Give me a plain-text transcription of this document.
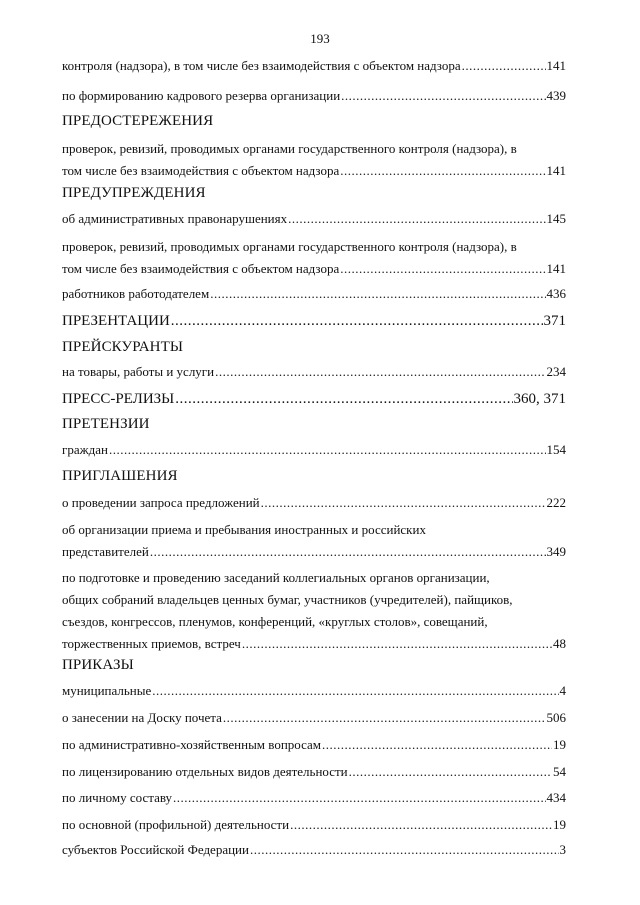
193
контроля (надзора), в том числе без взаимодействия с объектом надзора .....	141
по формированию кадрового резерва организации .....	439
ПРЕДОСТЕРЕЖЕНИЯ
проверок, ревизий, проводимых органами государственного контроля (надзора), в
том числе без взаимодействия с объектом надзора .....	141
ПРЕДУПРЕЖДЕНИЯ
об административных правонарушениях .....	145
проверок, ревизий, проводимых органами государственного контроля (надзора), в
том числе без взаимодействия с объектом надзора .....	141
работников работодателем .....	436
ПРЕЗЕНТАЦИИ .....	371
ПРЕЙСКУРАНТЫ
на товары, работы и услуги .....	234
ПРЕСС-РЕЛИЗЫ .....	360, 371
ПРЕТЕНЗИИ
граждан .....	154
ПРИГЛАШЕНИЯ
о проведении запроса предложений .....	222
об организации приема и пребывания иностранных и российских
представителей .....	349
по подготовке и проведению заседаний коллегиальных органов организации,
общих собраний владельцев ценных бумаг, участников (учредителей), пайщиков,
съездов, конгрессов, пленумов, конференций, «круглых столов», совещаний,
торжественных приемов, встреч .....	48
ПРИКАЗЫ
муниципальные .....	4
о занесении на Доску почета .....	506
по административно-хозяйственным вопросам .....	19
по лицензированию отдельных видов деятельности .....	54
по личному составу .....	434
по основной (профильной) деятельности .....	19
субъектов Российской Федерации .....	3
